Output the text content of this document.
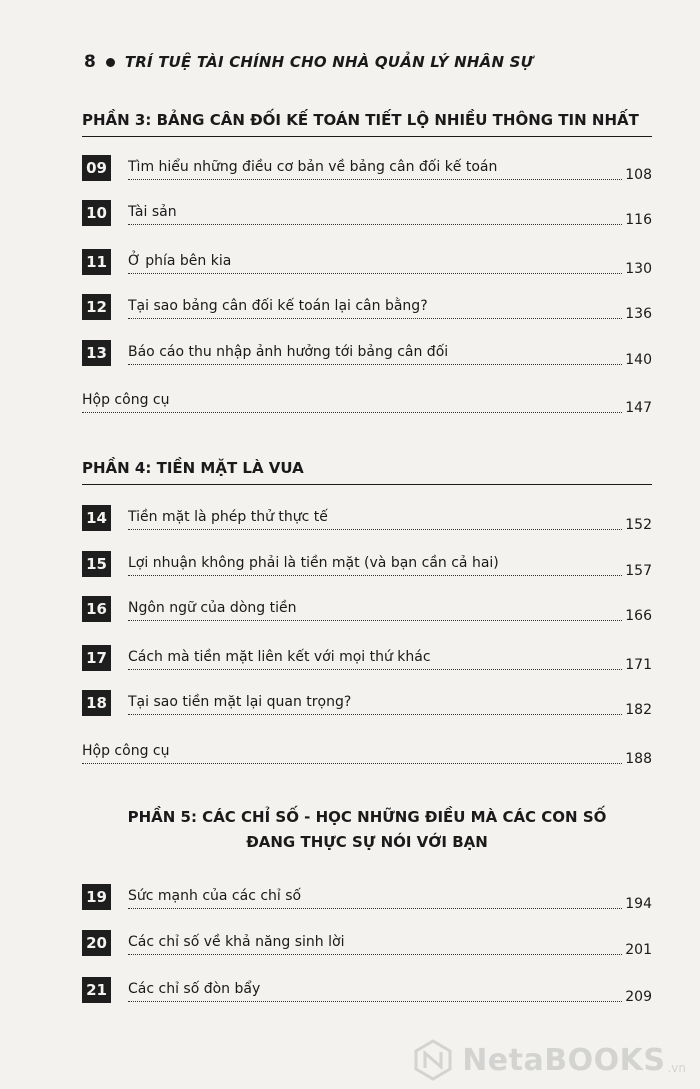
8 TRÍ TUỆ TÀI CHÍNH CHO NHÀ QUẢN LÝ NHÂN SỰ
PHẦN 3: BẢNG CÂN ĐỐI KẾ TOÁN TIẾT LỘ NHIỀU THÔNG TIN NHẤT
09 Tìm hiểu những điều cơ bản về bảng cân đối kế toán	108
10 Tài sản	116
11 Ở phía bên kia	130
12 Tại sao bảng cân đối kế toán lại cân bằng?	136
13 Báo cáo thu nhập ảnh hưởng tới bảng cân đối	140
Hộp công cụ	147
PHẦN 4: TIỀN MẶT LÀ VUA
14 Tiền mặt là phép thử thực tế	152
15 Lợi nhuận không phải là tiền mặt (và bạn cần cả hai)	157
16 Ngôn ngữ của dòng tiền	166
17 Cách mà tiền mặt liên kết với mọi thứ khác	171
18 Tại sao tiền mặt lại quan trọng?	182
Hộp công cụ	188
PHẦN 5: CÁC CHỈ SỐ - HỌC NHỮNG ĐIỀU MÀ CÁC CON SỐ
ĐANG THỰC SỰ NÓI VỚI BẠN
19 Sức mạnh của các chỉ số	194
20 Các chỉ số về khả năng sinh lời	201
21 Các chỉ số đòn bẩy	209
NetaBOOKS .vn
